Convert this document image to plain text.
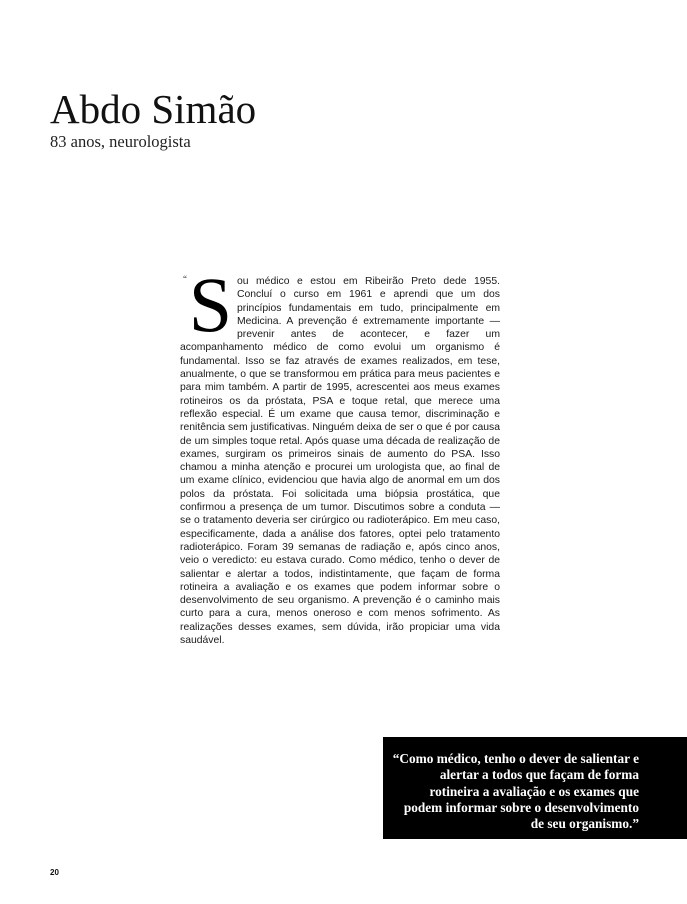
Abdo Simão

83 anos, neurologista

“ S ou médico e estou em Ribeirão Preto dede 1955. Concluí o curso em 1961 e aprendi que um dos princípios fundamentais em tudo, principalmente em Medicina. A prevenção é extremamente importante — prevenir antes de acontecer, e fazer um acompanhamento médico de como evolui um organismo é fundamental. Isso se faz através de exames realizados, em tese, anualmente, o que se transformou em prática para meus pacientes e para mim também. A partir de 1995, acrescentei aos meus exames rotineiros os da próstata, PSA e toque retal, que merece uma reflexão especial. É um exame que causa temor, discriminação e renitência sem justificativas. Ninguém deixa de ser o que é por causa de um simples toque retal. Após quase uma década de realização de exames, surgiram os primeiros sinais de aumento do PSA. Isso chamou a minha atenção e procurei um urologista que, ao final de um exame clínico, evidenciou que havia algo de anormal em um dos polos da próstata. Foi solicitada uma biópsia prostática, que confirmou a presença de um tumor. Discutimos sobre a conduta — se o tratamento deveria ser cirúrgico ou radioterápico. Em meu caso, especificamente, dada a análise dos fatores, optei pelo tratamento radioterápico. Foram 39 semanas de radiação e, após cinco anos, veio o veredicto: eu estava curado. Como médico, tenho o dever de salientar e alertar a todos, indistintamente, que façam de forma rotineira a avaliação e os exames que podem informar sobre o desenvolvimento de seu organismo. A prevenção é o caminho mais curto para a cura, menos oneroso e com menos sofrimento. As realizações desses exames, sem dúvida, irão propiciar uma vida saudável.

“Como médico, tenho o dever de salientar e alertar a todos que façam de forma rotineira a avaliação e os exames que podem informar sobre o desenvolvimento de seu organismo.”

20
